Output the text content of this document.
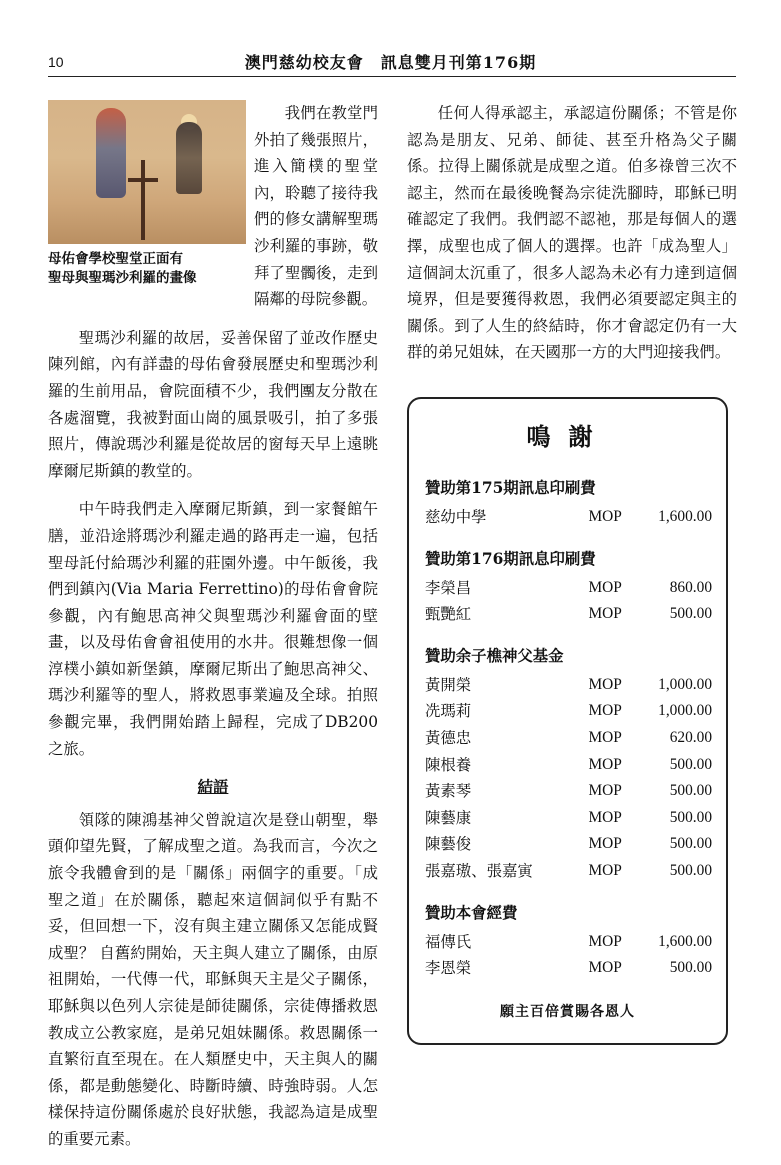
10	澳門慈幼校友會　訊息雙月刊第176期
母佑會學校聖堂正面有
聖母與聖瑪沙利羅的畫像

我們在教堂門外拍了幾張照片，進入簡樸的聖堂內，聆聽了接待我們的修女講解聖瑪沙利羅的事跡，敬拜了聖髑後，走到隔鄰的母院參觀。

聖瑪沙利羅的故居，妥善保留了並改作歷史陳列館，內有詳盡的母佑會發展歷史和聖瑪沙利羅的生前用品，會院面積不少，我們團友分散在各處溜覽，我被對面山崗的風景吸引，拍了多張照片，傳說瑪沙利羅是從故居的窗每天早上遠眺摩爾尼斯鎮的教堂的。

中午時我們走入摩爾尼斯鎮，到一家餐館午膳，並沿途將瑪沙利羅走過的路再走一遍，包括聖母託付給瑪沙利羅的莊園外邊。中午飯後，我們到鎮內(Via Maria Ferrettino)的母佑會會院參觀，內有鮑思高神父與聖瑪沙利羅會面的壁畫，以及母佑會會祖使用的水井。很難想像一個淳樸小鎮如新堡鎮，摩爾尼斯出了鮑思高神父、瑪沙利羅等的聖人，將救恩事業遍及全球。拍照參觀完畢，我們開始踏上歸程，完成了DB200之旅。

結語

領隊的陳鴻基神父曾說這次是登山朝聖，舉頭仰望先賢，了解成聖之道。為我而言，今次之旅令我體會到的是「關係」兩個字的重要。「成聖之道」在於關係，聽起來這個詞似乎有點不妥，但回想一下，沒有與主建立關係又怎能成賢成聖？ 自舊約開始，天主與人建立了關係，由原祖開始，一代傳一代，耶穌與天主是父子關係，耶穌與以色列人宗徒是師徒關係，宗徒傳播救恩教成立公教家庭，是弟兄姐妹關係。救恩關係一直繁衍直至現在。在人類歷史中，天主與人的關係，都是動態變化、時斷時續、時強時弱。人怎樣保持這份關係處於良好狀態，我認為這是成聖的重要元素。

任何人得承認主，承認這份關係；不管是你認為是朋友、兄弟、師徒、甚至升格為父子關係。拉得上關係就是成聖之道。伯多祿曾三次不認主，然而在最後晚餐為宗徒洗腳時，耶穌已明確認定了我們。我們認不認祂，那是每個人的選擇，成聖也成了個人的選擇。也許「成為聖人」這個詞太沉重了，很多人認為未必有力達到這個境界，但是要獲得救恩，我們必須要認定與主的關係。到了人生的終結時，你才會認定仍有一大群的弟兄姐妹，在天國那一方的大門迎接我們。

鳴謝
贊助第175期訊息印刷費
慈幼中學	MOP	1,600.00
贊助第176期訊息印刷費
李榮昌	MOP	860.00
甄艷紅	MOP	500.00
贊助余子樵神父基金
黃開榮	MOP	1,000.00
冼瑪莉	MOP	1,000.00
黃德忠	MOP	620.00
陳根養	MOP	500.00
黃素琴	MOP	500.00
陳藝康	MOP	500.00
陳藝俊	MOP	500.00
張嘉璈、張嘉寅	MOP	500.00
贊助本會經費
福傳氏	MOP	1,600.00
李恩榮	MOP	500.00
願主百倍賞賜各恩人
